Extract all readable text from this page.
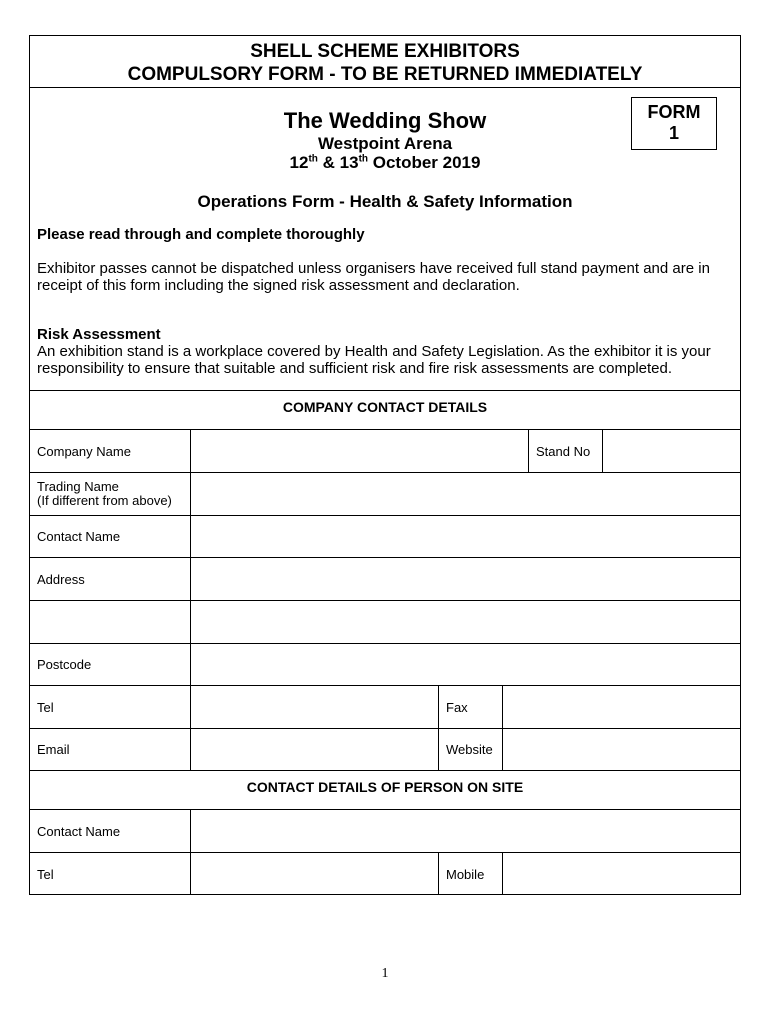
SHELL SCHEME EXHIBITORS
COMPULSORY FORM - TO BE RETURNED IMMEDIATELY
The Wedding Show
Westpoint Arena
12th & 13th October 2019
FORM
1
Operations Form - Health & Safety Information
Please read through and complete thoroughly
Exhibitor passes cannot be dispatched unless organisers have received full stand payment and are in receipt of this form including the signed risk assessment and declaration.
Risk Assessment
An exhibition stand is a workplace covered by Health and Safety Legislation. As the exhibitor it is your responsibility to ensure that suitable and sufficient risk and fire risk assessments are completed.
COMPANY CONTACT DETAILS
Company Name	Stand No
Trading Name
(If different from above)
Contact Name
Address
Postcode
Tel	Fax
Email	Website
CONTACT DETAILS OF PERSON ON SITE
Contact Name
Tel	Mobile
1
